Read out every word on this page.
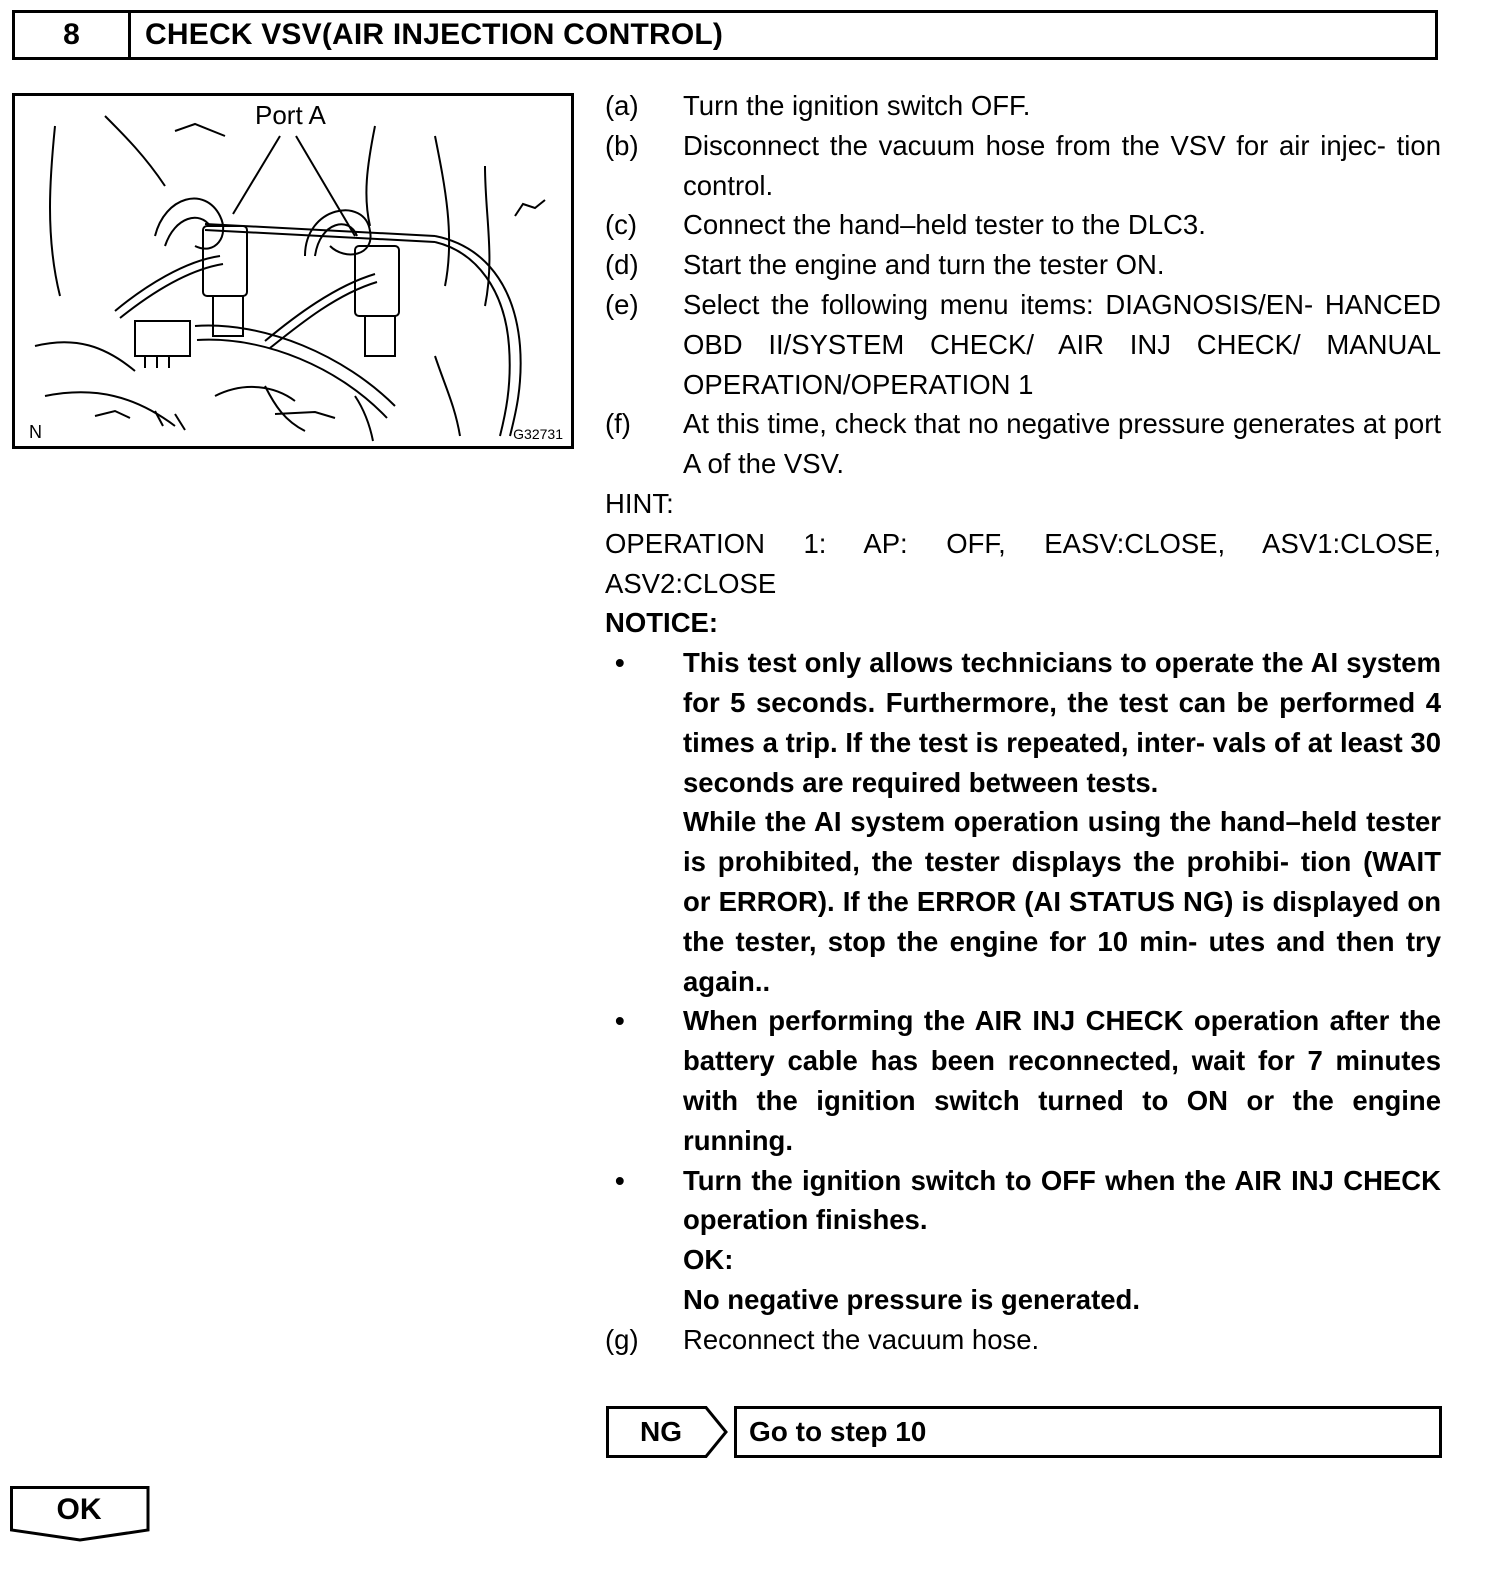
8	CHECK VSV(AIR INJECTION CONTROL)
Port A
N	G32731
(a)	Turn the ignition switch OFF.
(b)	Disconnect the vacuum hose from the VSV for air injec- tion control.
(c)	Connect the hand–held tester to the DLC3.
(d)	Start the engine and turn the tester ON.
(e)	Select the following menu items: DIAGNOSIS/EN- HANCED OBD II/SYSTEM CHECK/ AIR INJ CHECK/ MANUAL OPERATION/OPERATION 1
(f)	At this time, check that no negative pressure generates at port A of the VSV.
HINT:
OPERATION 1: AP: OFF, EASV:CLOSE, ASV1:CLOSE, ASV2:CLOSE
NOTICE:
•	This test only allows technicians to operate the AI system for 5 seconds. Furthermore, the test can be performed 4 times a trip. If the test is repeated, inter- vals of at least 30 seconds are required between tests.
While the AI system operation using the hand–held tester is prohibited, the tester displays the prohibi- tion (WAIT or ERROR). If the ERROR (AI STATUS NG) is displayed on the tester, stop the engine for 10 min- utes and then try again..
•	When performing the AIR INJ CHECK operation after the battery cable has been reconnected, wait for 7 minutes with the ignition switch turned to ON or the engine running.
•	Turn the ignition switch to OFF when the AIR INJ CHECK operation finishes.
OK:
No negative pressure is generated.
(g)	Reconnect the vacuum hose.
NG	Go to step 10
OK
